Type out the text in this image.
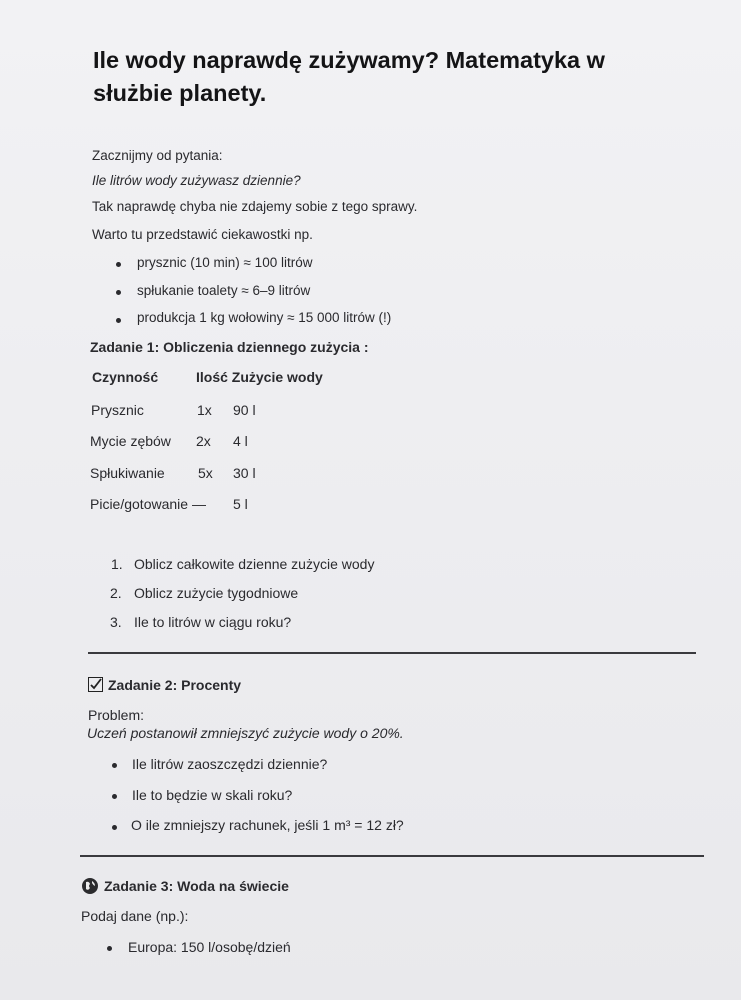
Ile wody naprawdę zużywamy? Matematyka w
służbie planety.
Zacznijmy od pytania:
Ile litrów wody zużywasz dziennie?
Tak naprawdę chyba nie zdajemy sobie z tego sprawy.
Warto tu przedstawić ciekawostki np.
prysznic (10 min) ≈ 100 litrów
spłukanie toalety ≈ 6–9 litrów
produkcja 1 kg wołowiny ≈ 15 000 litrów (!)
Zadanie 1: Obliczenia dziennego zużycia :
Czynność	Ilość Zużycie wody
Prysznic	1x 90 l
Mycie zębów 2x 4 l
Spłukiwanie 5x 30 l
Picie/gotowanie — 5 l
1. Oblicz całkowite dzienne zużycie wody
2. Oblicz zużycie tygodniowe
3. Ile to litrów w ciągu roku?
Zadanie 2: Procenty
Problem:
Uczeń postanowił zmniejszyć zużycie wody o 20%.
Ile litrów zaoszczędzi dziennie?
Ile to będzie w skali roku?
O ile zmniejszy rachunek, jeśli 1 m³ = 12 zł?
Zadanie 3: Woda na świecie
Podaj dane (np.):
Europa: 150 l/osobę/dzień
